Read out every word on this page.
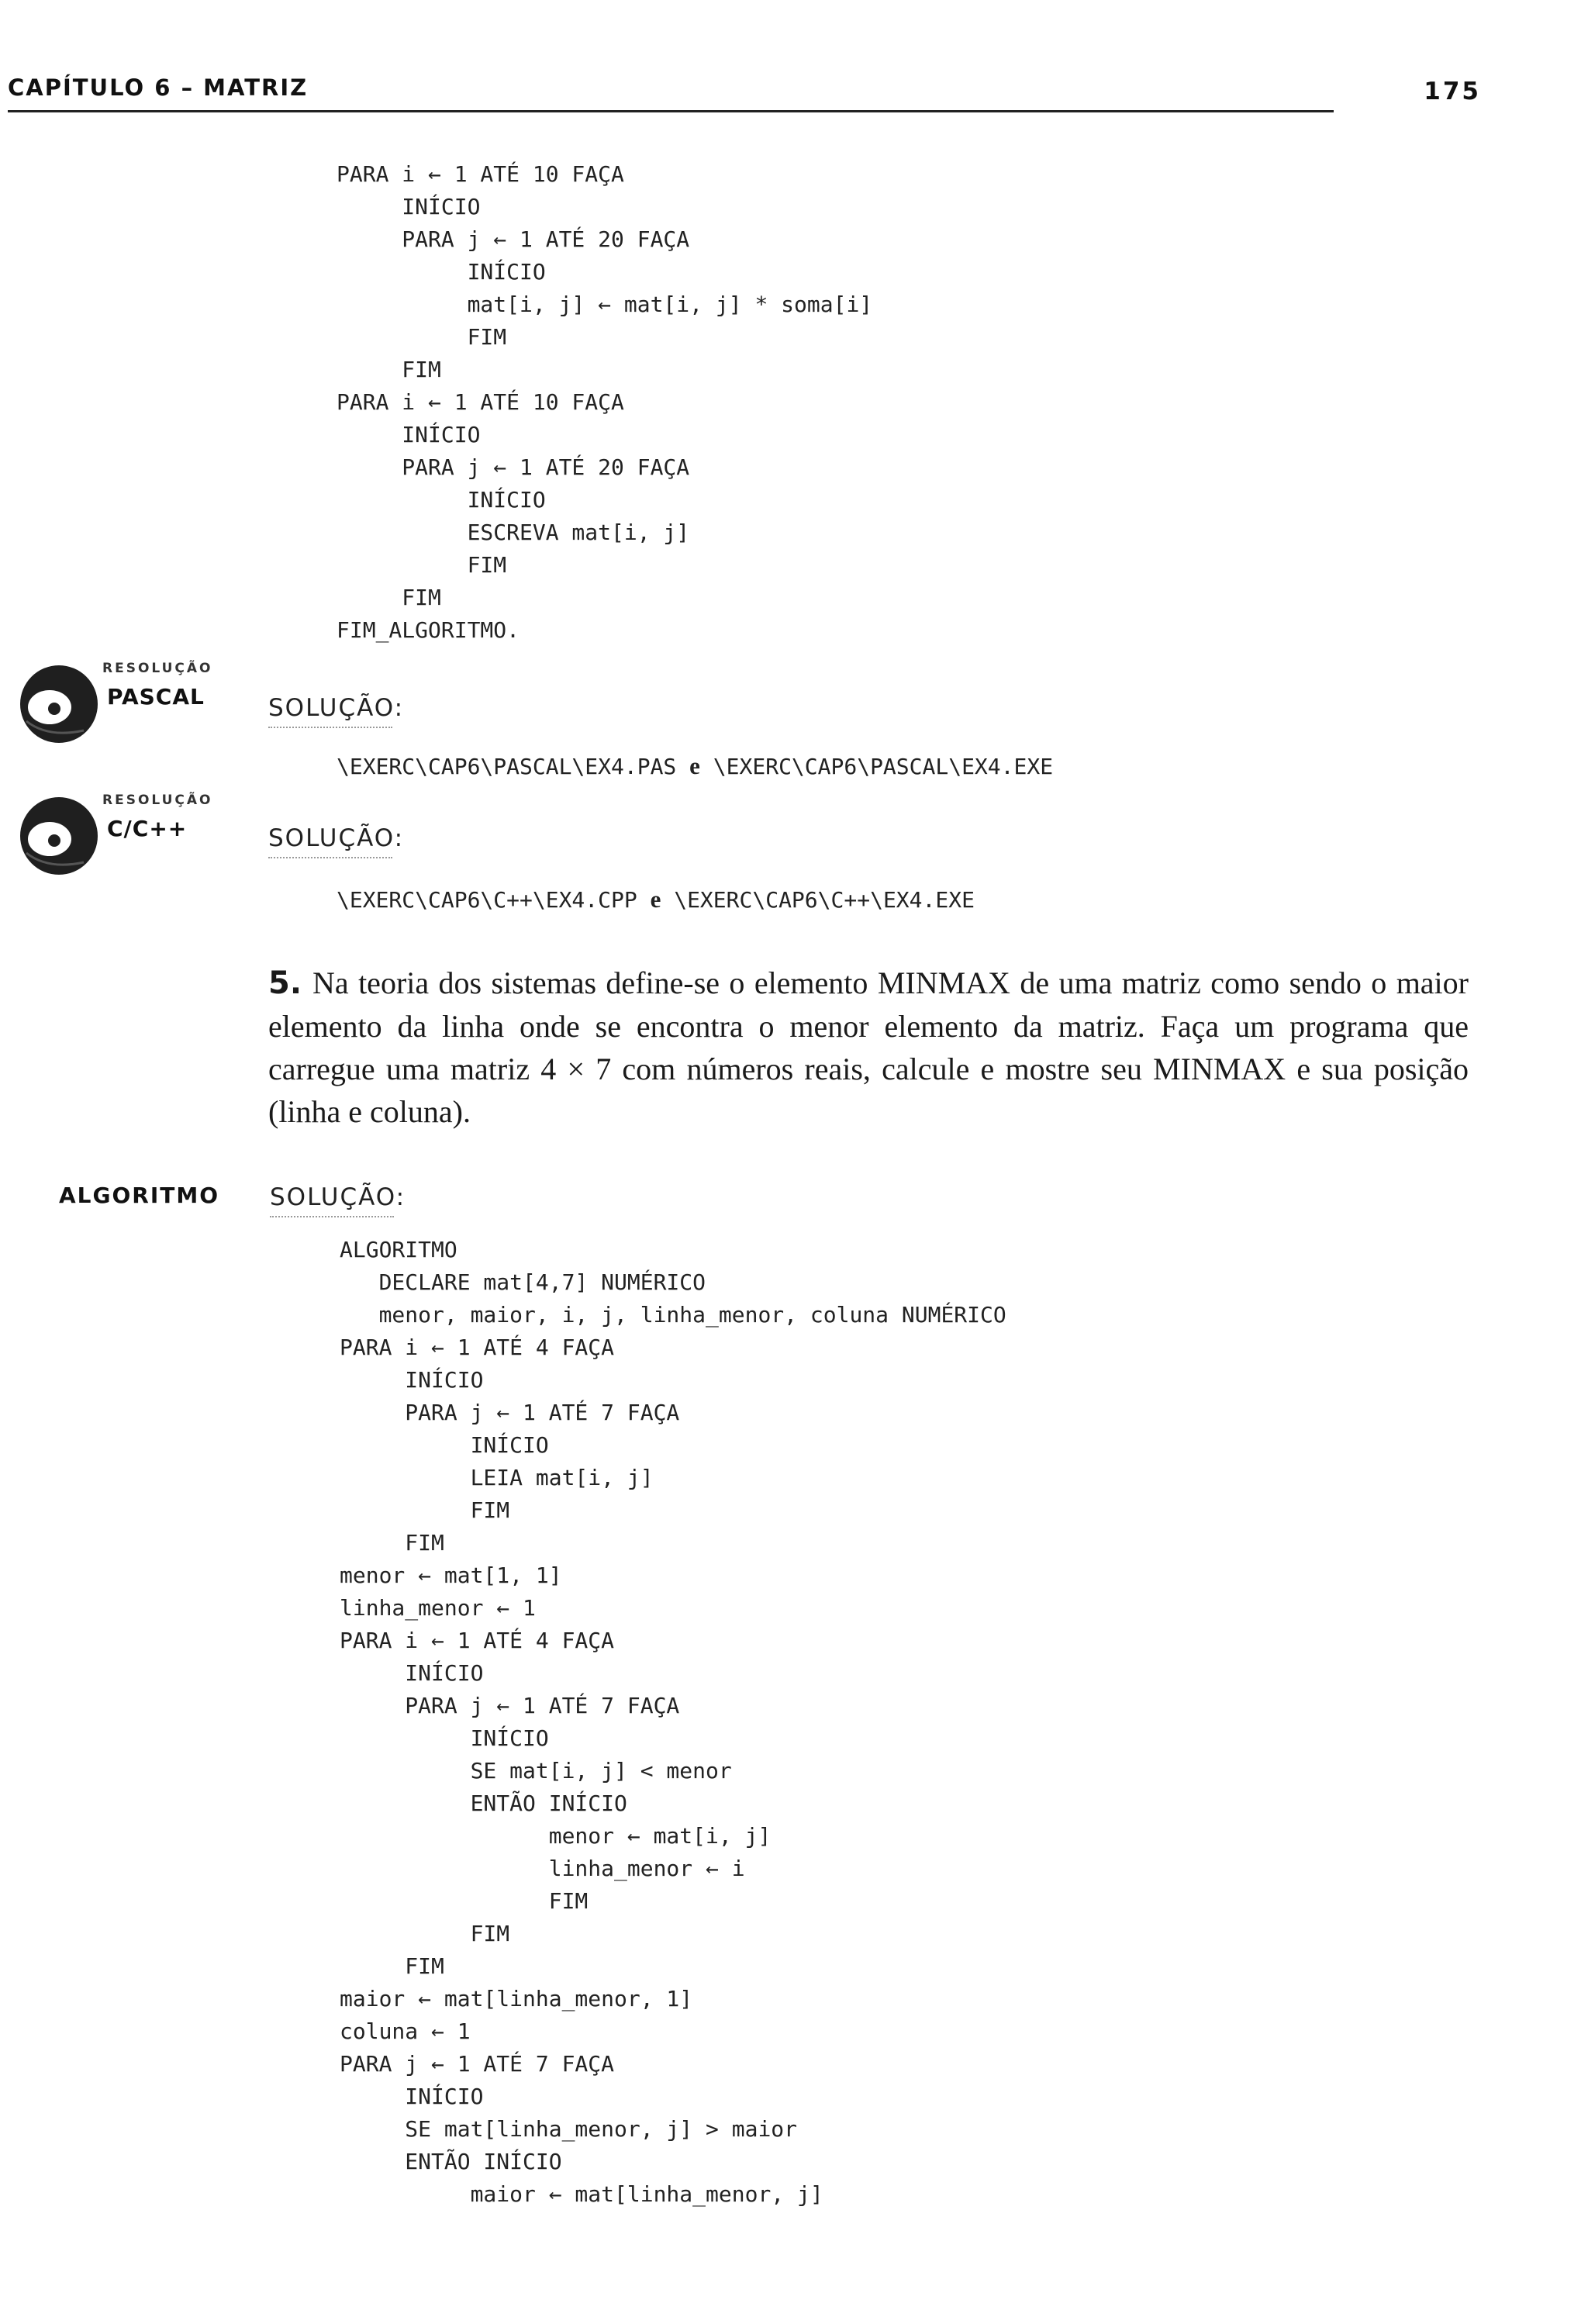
CAPÍTULO 6 – MATRIZ	175
PARA i ← 1 ATÉ 10 FAÇA
INÍCIO
PARA j ← 1 ATÉ 20 FAÇA
INÍCIO
mat[i, j] ← mat[i, j] * soma[i]
FIM
FIM
PARA i ← 1 ATÉ 10 FAÇA
INÍCIO
PARA j ← 1 ATÉ 20 FAÇA
INÍCIO
ESCREVA mat[i, j]
FIM
FIM
FIM_ALGORITMO.
RESOLUÇÃO
PASCAL	SOLUÇÃO:
\EXERC\CAP6\PASCAL\EX4.PAS e \EXERC\CAP6\PASCAL\EX4.EXE
RESOLUÇÃO
C/C++	SOLUÇÃO:
\EXERC\CAP6\C++\EX4.CPP e \EXERC\CAP6\C++\EX4.EXE

5. Na teoria dos sistemas define-se o elemento MINMAX de uma matriz como sendo o maior elemento da linha onde se encontra o menor elemento da matriz. Faça um programa que carregue uma matriz 4 × 7 com números reais, calcule e mostre seu MINMAX e sua posição (linha e coluna).

ALGORITMO SOLUÇÃO:
ALGORITMO
DECLARE mat[4,7] NUMÉRICO
menor, maior, i, j, linha_menor, coluna NUMÉRICO
PARA i ← 1 ATÉ 4 FAÇA
INÍCIO
PARA j ← 1 ATÉ 7 FAÇA
INÍCIO
LEIA mat[i, j]
FIM
FIM
menor ← mat[1, 1]
linha_menor ← 1
PARA i ← 1 ATÉ 4 FAÇA
INÍCIO
PARA j ← 1 ATÉ 7 FAÇA
INÍCIO
SE mat[i, j] < menor
ENTÃO INÍCIO
menor ← mat[i, j]
linha_menor ← i
FIM
FIM
FIM
maior ← mat[linha_menor, 1]
coluna ← 1
PARA j ← 1 ATÉ 7 FAÇA
INÍCIO
SE mat[linha_menor, j] > maior
ENTÃO INÍCIO
maior ← mat[linha_menor, j]
